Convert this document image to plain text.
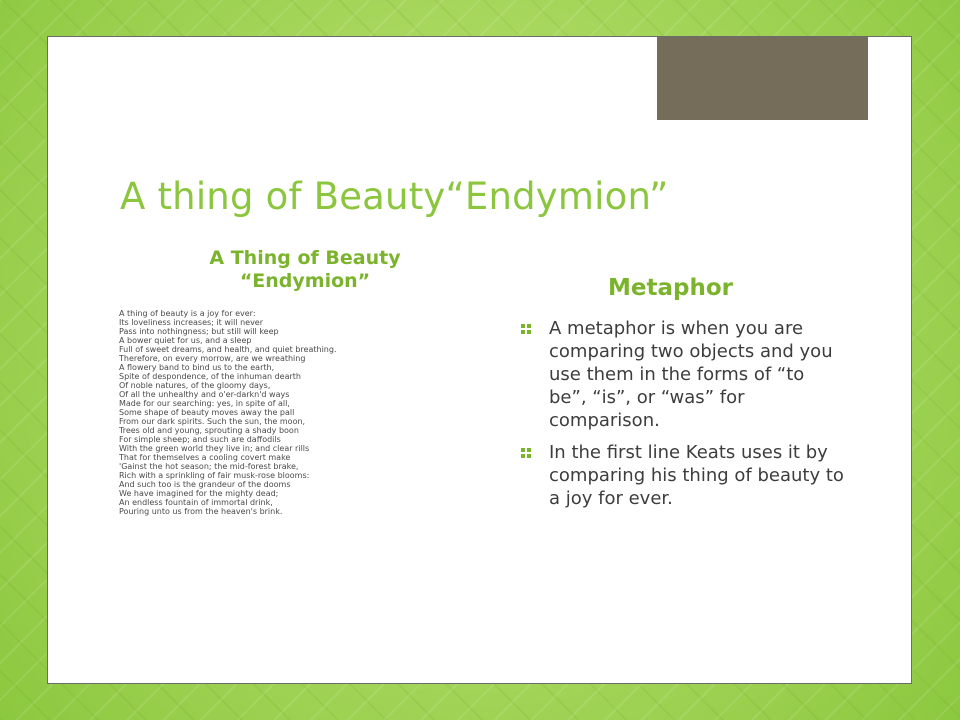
A thing of Beauty“Endymion”
A Thing of Beauty “Endymion”	Metaphor
A thing of beauty is a joy for ever:
Its loveliness increases; it will never
Pass into nothingness; but still will keep
A bower quiet for us, and a sleep
Full of sweet dreams, and health, and quiet breathing.
Therefore, on every morrow, are we wreathing
A flowery band to bind us to the earth,
Spite of despondence, of the inhuman dearth
Of noble natures, of the gloomy days,
Of all the unhealthy and o'er-darkn'd ways
Made for our searching: yes, in spite of all,
Some shape of beauty moves away the pall
From our dark spirits. Such the sun, the moon,
Trees old and young, sprouting a shady boon
For simple sheep; and such are daffodils
With the green world they live in; and clear rills
That for themselves a cooling covert make
'Gainst the hot season; the mid-forest brake,
Rich with a sprinkling of fair musk-rose blooms:
And such too is the grandeur of the dooms
We have imagined for the mighty dead;
An endless fountain of immortal drink,
Pouring unto us from the heaven's brink.
A metaphor is when you are comparing two objects and you use them in the forms of “to be”, “is”, or “was” for comparison.
In the first line Keats uses it by comparing his thing of beauty to a joy for ever.
